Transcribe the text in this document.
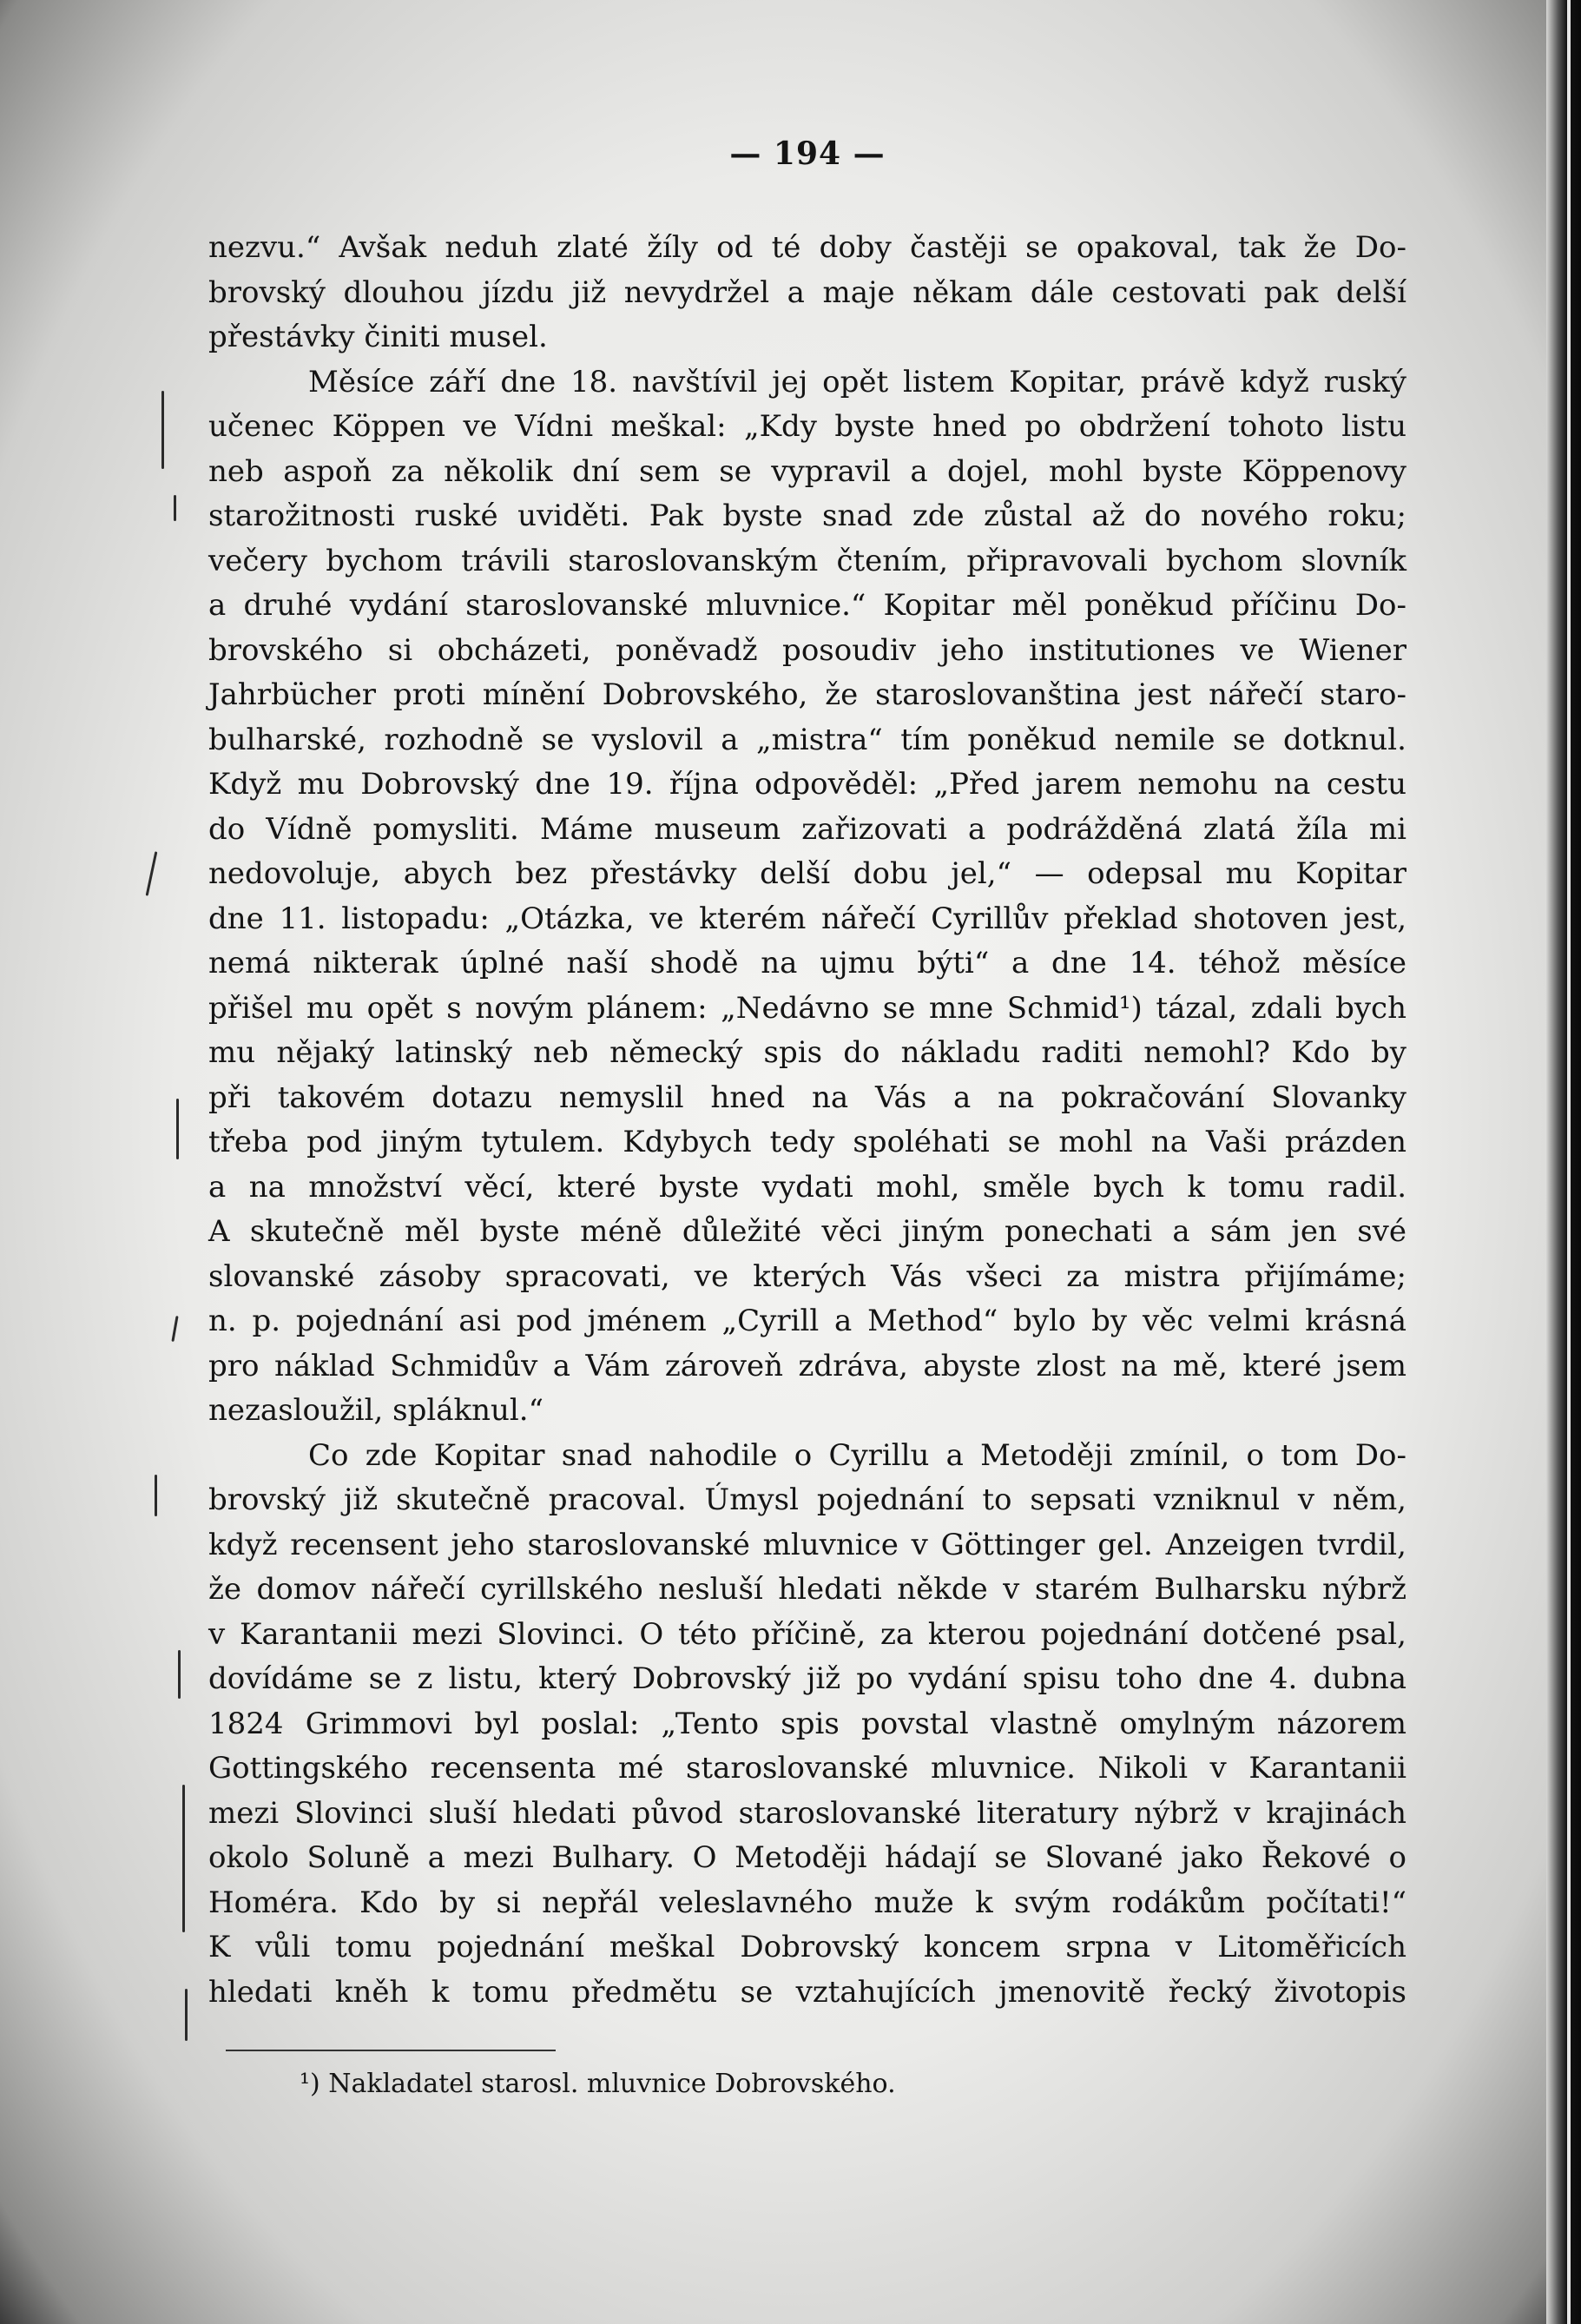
— 194 —
nezvu.“ Avšak neduh zlaté žíly od té doby častěji se opakoval, tak že Do-
brovský dlouhou jízdu již nevydržel a maje někam dále cestovati pak delší
přestávky činiti musel.
Měsíce září dne 18. navštívil jej opět listem Kopitar, právě když ruský
učenec Köppen ve Vídni meškal: „Kdy byste hned po obdržení tohoto listu
neb aspoň za několik dní sem se vypravil a dojel, mohl byste Köppenovy
starožitnosti ruské uviděti. Pak byste snad zde zůstal až do nového roku;
večery bychom trávili staroslovanským čtením, připravovali bychom slovník
a druhé vydání staroslovanské mluvnice.“ Kopitar měl poněkud příčinu Do-
brovského si obcházeti, poněvadž posoudiv jeho institutiones ve Wiener
Jahrbücher proti mínění Dobrovského, že staroslovanština jest nářečí staro-
bulharské, rozhodně se vyslovil a „mistra“ tím poněkud nemile se dotknul.
Když mu Dobrovský dne 19. října odpověděl: „Před jarem nemohu na cestu
do Vídně pomysliti. Máme museum zařizovati a podrážděná zlatá žíla mi
nedovoluje, abych bez přestávky delší dobu jel,“ — odepsal mu Kopitar
dne 11. listopadu: „Otázka, ve kterém nářečí Cyrillův překlad shotoven jest,
nemá nikterak úplné naší shodě na ujmu býti“ a dne 14. téhož měsíce
přišel mu opět s novým plánem: „Nedávno se mne Schmid¹) tázal, zdali bych
mu nějaký latinský neb německý spis do nákladu raditi nemohl? Kdo by
při takovém dotazu nemyslil hned na Vás a na pokračování Slovanky
třeba pod jiným tytulem. Kdybych tedy spoléhati se mohl na Vaši prázden
a na množství věcí, které byste vydati mohl, směle bych k tomu radil.
A skutečně měl byste méně důležité věci jiným ponechati a sám jen své
slovanské zásoby spracovati, ve kterých Vás všeci za mistra přijímáme;
n. p. pojednání asi pod jménem „Cyrill a Method“ bylo by věc velmi krásná
pro náklad Schmidův a Vám zároveň zdráva, abyste zlost na mě, které jsem
nezasloužil, spláknul.“
Co zde Kopitar snad nahodile o Cyrillu a Metoději zmínil, o tom Do-
brovský již skutečně pracoval. Úmysl pojednání to sepsati vzniknul v něm,
když recensent jeho staroslovanské mluvnice v Göttinger gel. Anzeigen tvrdil,
že domov nářečí cyrillského nesluší hledati někde v starém Bulharsku nýbrž
v Karantanii mezi Slovinci. O této příčině, za kterou pojednání dotčené psal,
dovídáme se z listu, který Dobrovský již po vydání spisu toho dne 4. dubna
1824 Grimmovi byl poslal: „Tento spis povstal vlastně omylným názorem
Gottingského recensenta mé staroslovanské mluvnice. Nikoli v Karantanii
mezi Slovinci sluší hledati původ staroslovanské literatury nýbrž v krajinách
okolo Soluně a mezi Bulhary. O Metoději hádají se Slované jako Řekové o
Homéra. Kdo by si nepřál veleslavného muže k svým rodákům počítati!“
K vůli tomu pojednání meškal Dobrovský koncem srpna v Litoměřicích
hledati kněh k tomu předmětu se vztahujících jmenovitě řecký životopis
¹) Nakladatel starosl. mluvnice Dobrovského.
